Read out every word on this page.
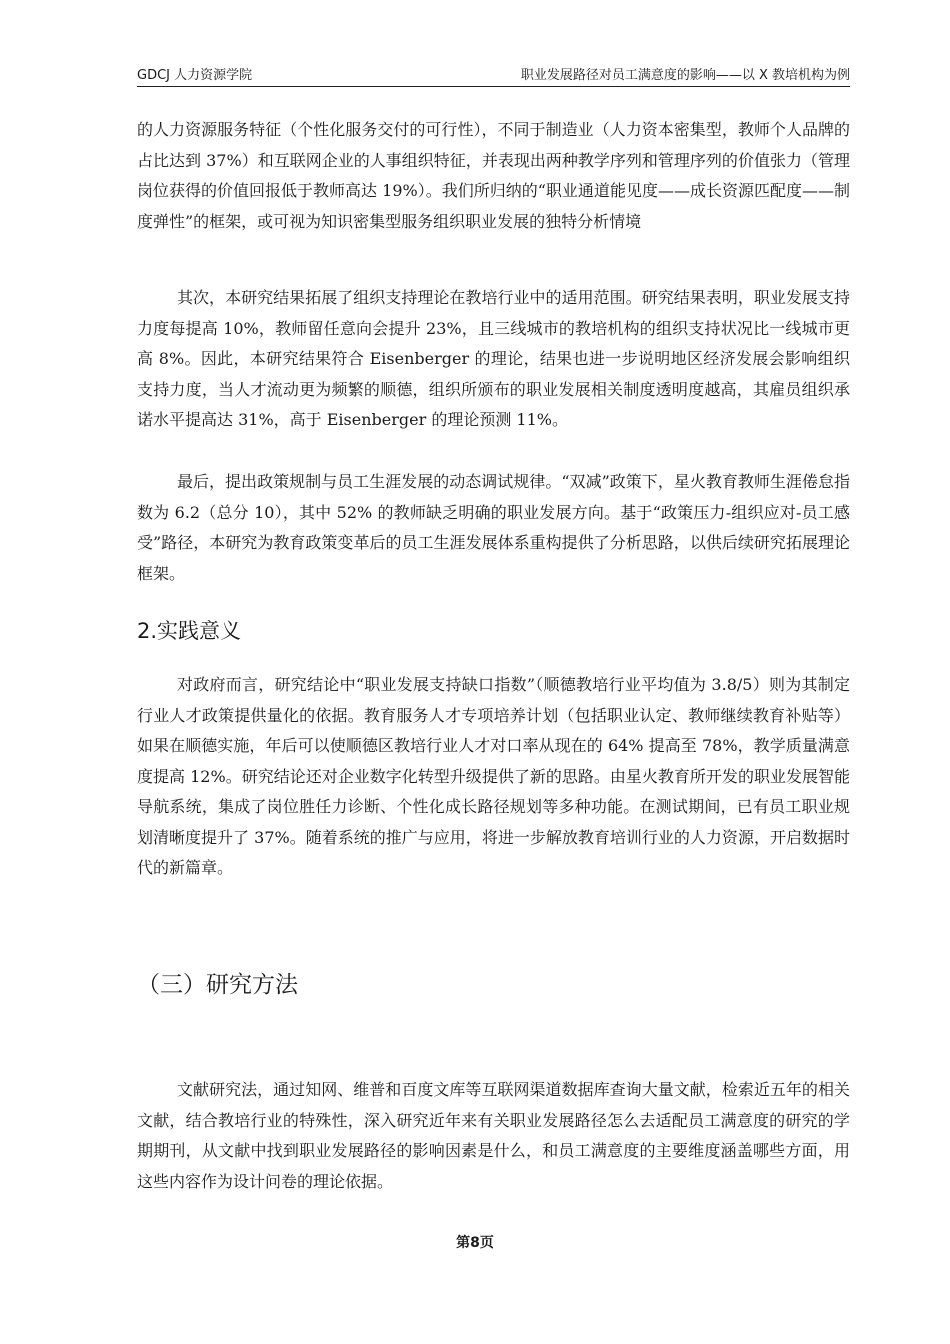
GDCJ 人力资源学院	职业发展路径对员工满意度的影响——以 X 教培机构为例

的人力资源服务特征（个性化服务交付的可行性），不同于制造业（人力资本密集型，教师个人品牌的占比达到 37%）和互联网企业的人事组织特征，并表现出两种教学序列和管理序列的价值张力（管理岗位获得的价值回报低于教师高达 19%）。我们所归纳的“职业通道能见度——成长资源匹配度——制度弹性”的框架，或可视为知识密集型服务组织职业发展的独特分析情境

其次，本研究结果拓展了组织支持理论在教培行业中的适用范围。研究结果表明，职业发展支持力度每提高 10%，教师留任意向会提升 23%，且三线城市的教培机构的组织支持状况比一线城市更高 8%。因此，本研究结果符合 Eisenberger 的理论，结果也进一步说明地区经济发展会影响组织支持力度，当人才流动更为频繁的顺德，组织所颁布的职业发展相关制度透明度越高，其雇员组织承诺水平提高达 31%，高于 Eisenberger 的理论预测 11%。

最后，提出政策规制与员工生涯发展的动态调试规律。“双减”政策下，星火教育教师生涯倦怠指数为 6.2（总分 10），其中 52% 的教师缺乏明确的职业发展方向。基于“政策压力-组织应对-员工感受”路径，本研究为教育政策变革后的员工生涯发展体系重构提供了分析思路，以供后续研究拓展理论框架。

2.实践意义

对政府而言，研究结论中“职业发展支持缺口指数”（顺德教培行业平均值为 3.8/5）则为其制定行业人才政策提供量化的依据。教育服务人才专项培养计划（包括职业认定、教师继续教育补贴等）如果在顺德实施，年后可以使顺德区教培行业人才对口率从现在的 64% 提高至 78%，教学质量满意度提高 12%。研究结论还对企业数字化转型升级提供了新的思路。由星火教育所开发的职业发展智能导航系统，集成了岗位胜任力诊断、个性化成长路径规划等多种功能。在测试期间，已有员工职业规划清晰度提升了 37%。随着系统的推广与应用，将进一步解放教育培训行业的人力资源，开启数据时代的新篇章。

（三）研究方法

文献研究法，通过知网、维普和百度文库等互联网渠道数据库查询大量文献，检索近五年的相关文献，结合教培行业的特殊性，深入研究近年来有关职业发展路径怎么去适配员工满意度的研究的学期期刊，从文献中找到职业发展路径的影响因素是什么，和员工满意度的主要维度涵盖哪些方面，用这些内容作为设计问卷的理论依据。

第8页
